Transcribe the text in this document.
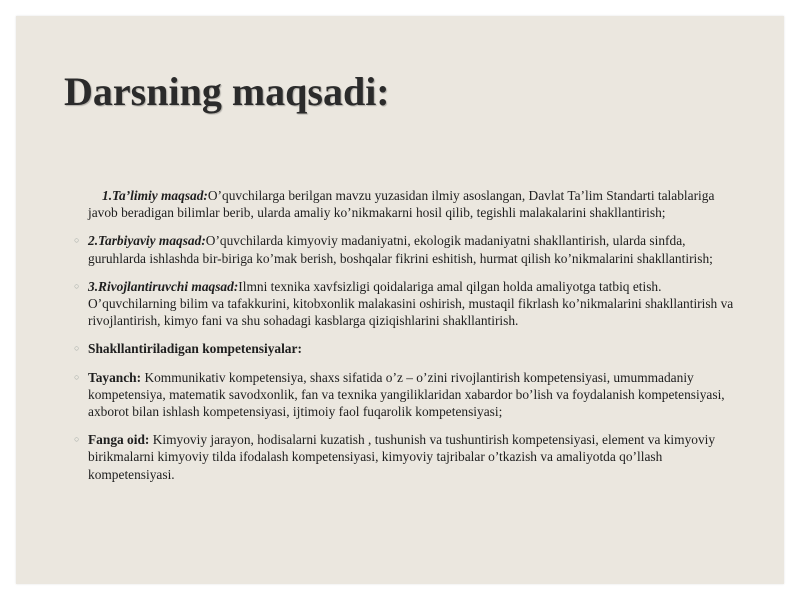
Darsning maqsadi:

1.Ta’limiy maqsad:O’quvchilarga berilgan mavzu yuzasidan ilmiy asoslangan, Davlat Ta’lim Standarti talablariga javob beradigan bilimlar berib, ularda amaliy ko’nikmakarni hosil qilib, tegishli malakalarini shakllantirish;

○ 2.Tarbiyaviy maqsad:O’quvchilarda kimyoviy madaniyatni, ekologik madaniyatni shakllantirish, ularda sinfda, guruhlarda ishlashda bir-biriga ko’mak berish, boshqalar fikrini eshitish, hurmat qilish ko’nikmalarini shakllantirish;

○ 3.Rivojlantiruvchi maqsad:Ilmni texnika xavfsizligi qoidalariga amal qilgan holda amaliyotga tatbiq etish. O’quvchilarning bilim va tafakkurini, kitobxonlik malakasini oshirish, mustaqil fikrlash ko’nikmalarini shakllantirish va rivojlantirish, kimyo fani va shu sohadagi kasblarga qiziqishlarini shakllantirish.

○ Shakllantiriladigan kompetensiyalar:

○ Tayanch: Kommunikativ kompetensiya, shaxs sifatida o’z – o’zini rivojlantirish kompetensiyasi, umummadaniy kompetensiya, matematik savodxonlik, fan va texnika yangiliklaridan xabardor bo’lish va foydalanish kompetensiyasi, axborot bilan ishlash kompetensiyasi, ijtimoiy faol fuqarolik kompetensiyasi;

○ Fanga oid: Kimyoviy jarayon, hodisalarni kuzatish , tushunish va tushuntirish kompetensiyasi, element va kimyoviy birikmalarni kimyoviy tilda ifodalash kompetensiyasi, kimyoviy tajribalar o’tkazish va amaliyotda qo’llash kompetensiyasi.
